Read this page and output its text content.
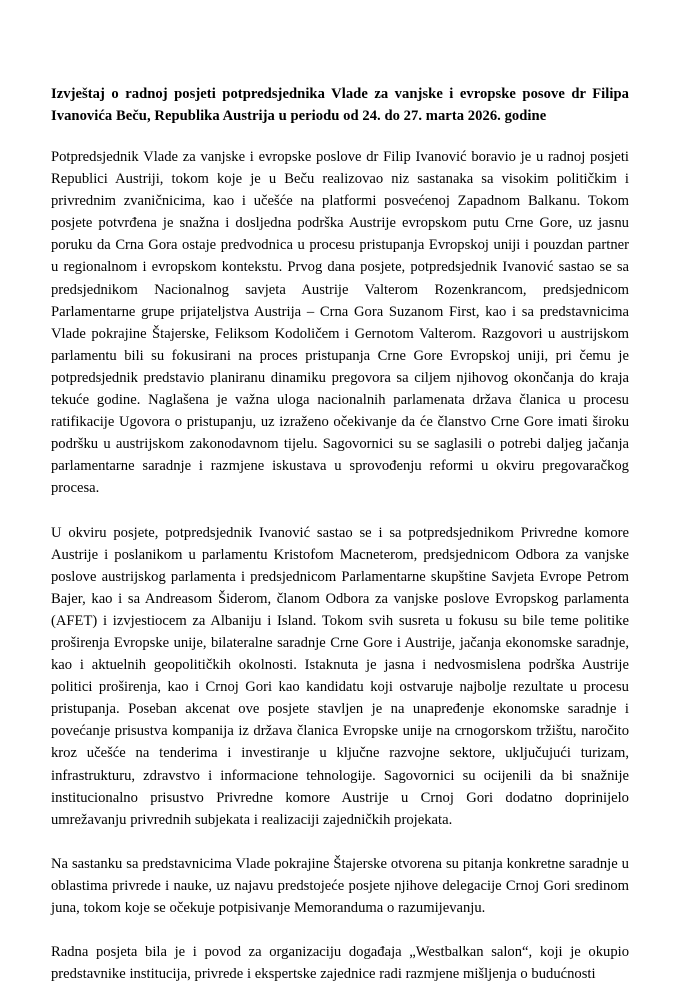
Izvještaj o radnoj posjeti potpredsjednika Vlade za vanjske i evropske posove dr Filipa Ivanovića Beču, Republika Austrija u periodu od 24. do 27. marta 2026. godine

Potpredsjednik Vlade za vanjske i evropske poslove dr Filip Ivanović boravio je u radnoj posjeti Republici Austriji, tokom koje je u Beču realizovao niz sastanaka sa visokim političkim i privrednim zvaničnicima, kao i učešće na platformi posvećenoj Zapadnom Balkanu. Tokom posjete potvrđena je snažna i dosljedna podrška Austrije evropskom putu Crne Gore, uz jasnu poruku da Crna Gora ostaje predvodnica u procesu pristupanja Evropskoj uniji i pouzdan partner u regionalnom i evropskom kontekstu. Prvog dana posjete, potpredsjednik Ivanović sastao se sa predsjednikom Nacionalnog savjeta Austrije Valterom Rozenkrancom, predsjednicom Parlamentarne grupe prijateljstva Austrija – Crna Gora Suzanom First, kao i sa predstavnicima Vlade pokrajine Štajerske, Feliksom Kodoličem i Gernotom Valterom. Razgovori u austrijskom parlamentu bili su fokusirani na proces pristupanja Crne Gore Evropskoj uniji, pri čemu je potpredsjednik predstavio planiranu dinamiku pregovora sa ciljem njihovog okončanja do kraja tekuće godine. Naglašena je važna uloga nacionalnih parlamenata država članica u procesu ratifikacije Ugovora o pristupanju, uz izraženo očekivanje da će članstvo Crne Gore imati široku podršku u austrijskom zakonodavnom tijelu. Sagovornici su se saglasili o potrebi daljeg jačanja parlamentarne saradnje i razmjene iskustava u sprovođenju reformi u okviru pregovaračkog procesa.

U okviru posjete, potpredsjednik Ivanović sastao se i sa potpredsjednikom Privredne komore Austrije i poslanikom u parlamentu Kristofom Macneterom, predsjednicom Odbora za vanjske poslove austrijskog parlamenta i predsjednicom Parlamentarne skupštine Savjeta Evrope Petrom Bajer, kao i sa Andreasom Šiderom, članom Odbora za vanjske poslove Evropskog parlamenta (AFET) i izvjestiocem za Albaniju i Island. Tokom svih susreta u fokusu su bile teme politike proširenja Evropske unije, bilateralne saradnje Crne Gore i Austrije, jačanja ekonomske saradnje, kao i aktuelnih geopolitičkih okolnosti. Istaknuta je jasna i nedvosmislena podrška Austrije politici proširenja, kao i Crnoj Gori kao kandidatu koji ostvaruje najbolje rezultate u procesu pristupanja. Poseban akcenat ove posjete stavljen je na unapređenje ekonomske saradnje i povećanje prisustva kompanija iz država članica Evropske unije na crnogorskom tržištu, naročito kroz učešće na tenderima i investiranje u ključne razvojne sektore, uključujući turizam, infrastrukturu, zdravstvo i informacione tehnologije. Sagovornici su ocijenili da bi snažnije institucionalno prisustvo Privredne komore Austrije u Crnoj Gori dodatno doprinijelo umrežavanju privrednih subjekata i realizaciji zajedničkih projekata.

Na sastanku sa predstavnicima Vlade pokrajine Štajerske otvorena su pitanja konkretne saradnje u oblastima privrede i nauke, uz najavu predstojeće posjete njihove delegacije Crnoj Gori sredinom juna, tokom koje se očekuje potpisivanje Memoranduma o razumijevanju.

Radna posjeta bila je i povod za organizaciju događaja „Westbalkan salon“, koji je okupio predstavnike institucija, privrede i ekspertske zajednice radi razmjene mišljenja o budućnosti
